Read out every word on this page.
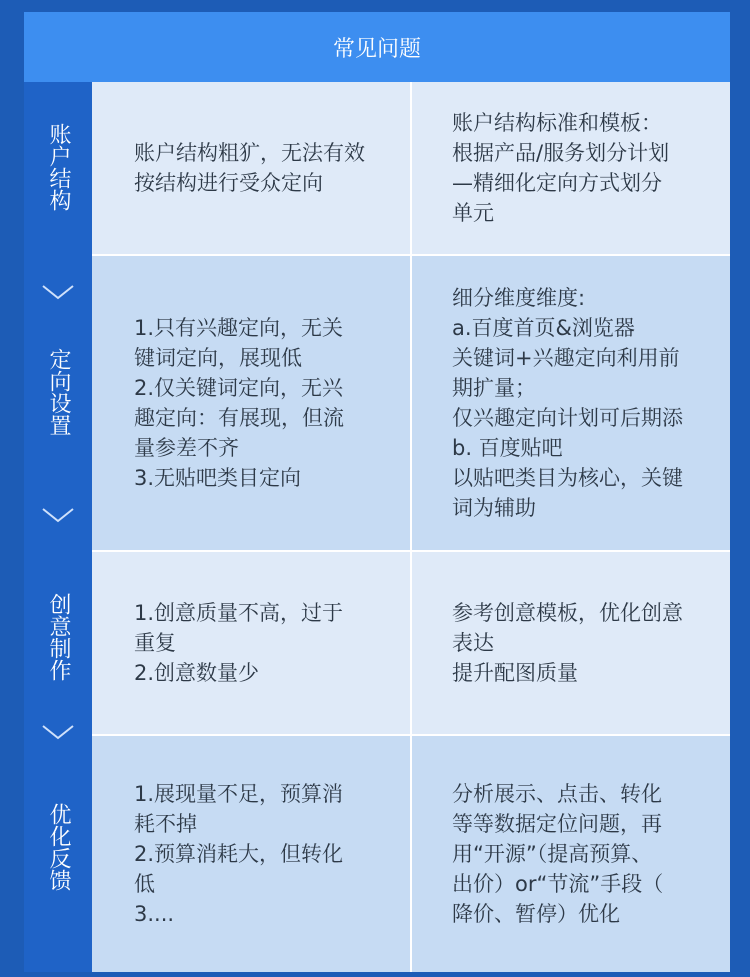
常见问题
账户结构
定向设置
创意制作
优化反馈
账户结构粗犷，无法有效
按结构进行受众定向
账户结构标准和模板：
根据产品/服务划分计划
—精细化定向方式划分
单元
1.只有兴趣定向，无关
键词定向，展现低
2.仅关键词定向，无兴
趣定向：有展现，但流
量参差不齐
3.无贴吧类目定向
细分维度维度:
a.百度首页&浏览器
关键词+兴趣定向利用前
期扩量；
仅兴趣定向计划可后期添
b. 百度贴吧
以贴吧类目为核心，关键
词为辅助
1.创意质量不高，过于
重复
2.创意数量少
参考创意模板，优化创意
表达
提升配图质量
1.展现量不足，预算消
耗不掉
2.预算消耗大，但转化
低
3....
分析展示、点击、转化
等等数据定位问题，再
用“开源”（提高预算、
出价）or“节流”手段（
降价、暂停）优化
